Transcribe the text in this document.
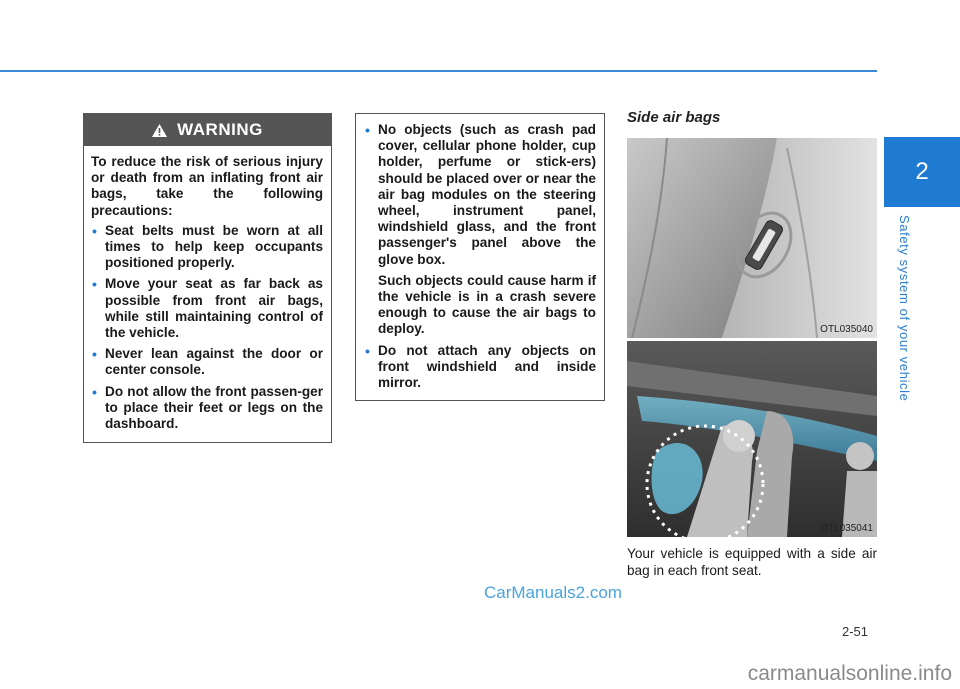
2
Safety system of your vehicle
WARNING

To reduce the risk of serious injury or death from an inflating front air bags, take the following precautions:

• Seat belts must be worn at all times to help keep occupants positioned properly.
• Move your seat as far back as possible from front air bags, while still maintaining control of the vehicle.
• Never lean against the door or center console.
• Do not allow the front passen-ger to place their feet or legs on the dashboard.
• No objects (such as crash pad cover, cellular phone holder, cup holder, perfume or stick-ers) should be placed over or near the air bag modules on the steering wheel, instrument panel, windshield glass, and the front passenger's panel above the glove box.

Such objects could cause harm if the vehicle is in a crash severe enough to cause the air bags to deploy.

• Do not attach any objects on front windshield and inside mirror.
Side air bags
OTL035040
OTL035041
Your vehicle is equipped with a side air bag in each front seat.
CarManuals2.com
2-51
carmanualsonline.info
